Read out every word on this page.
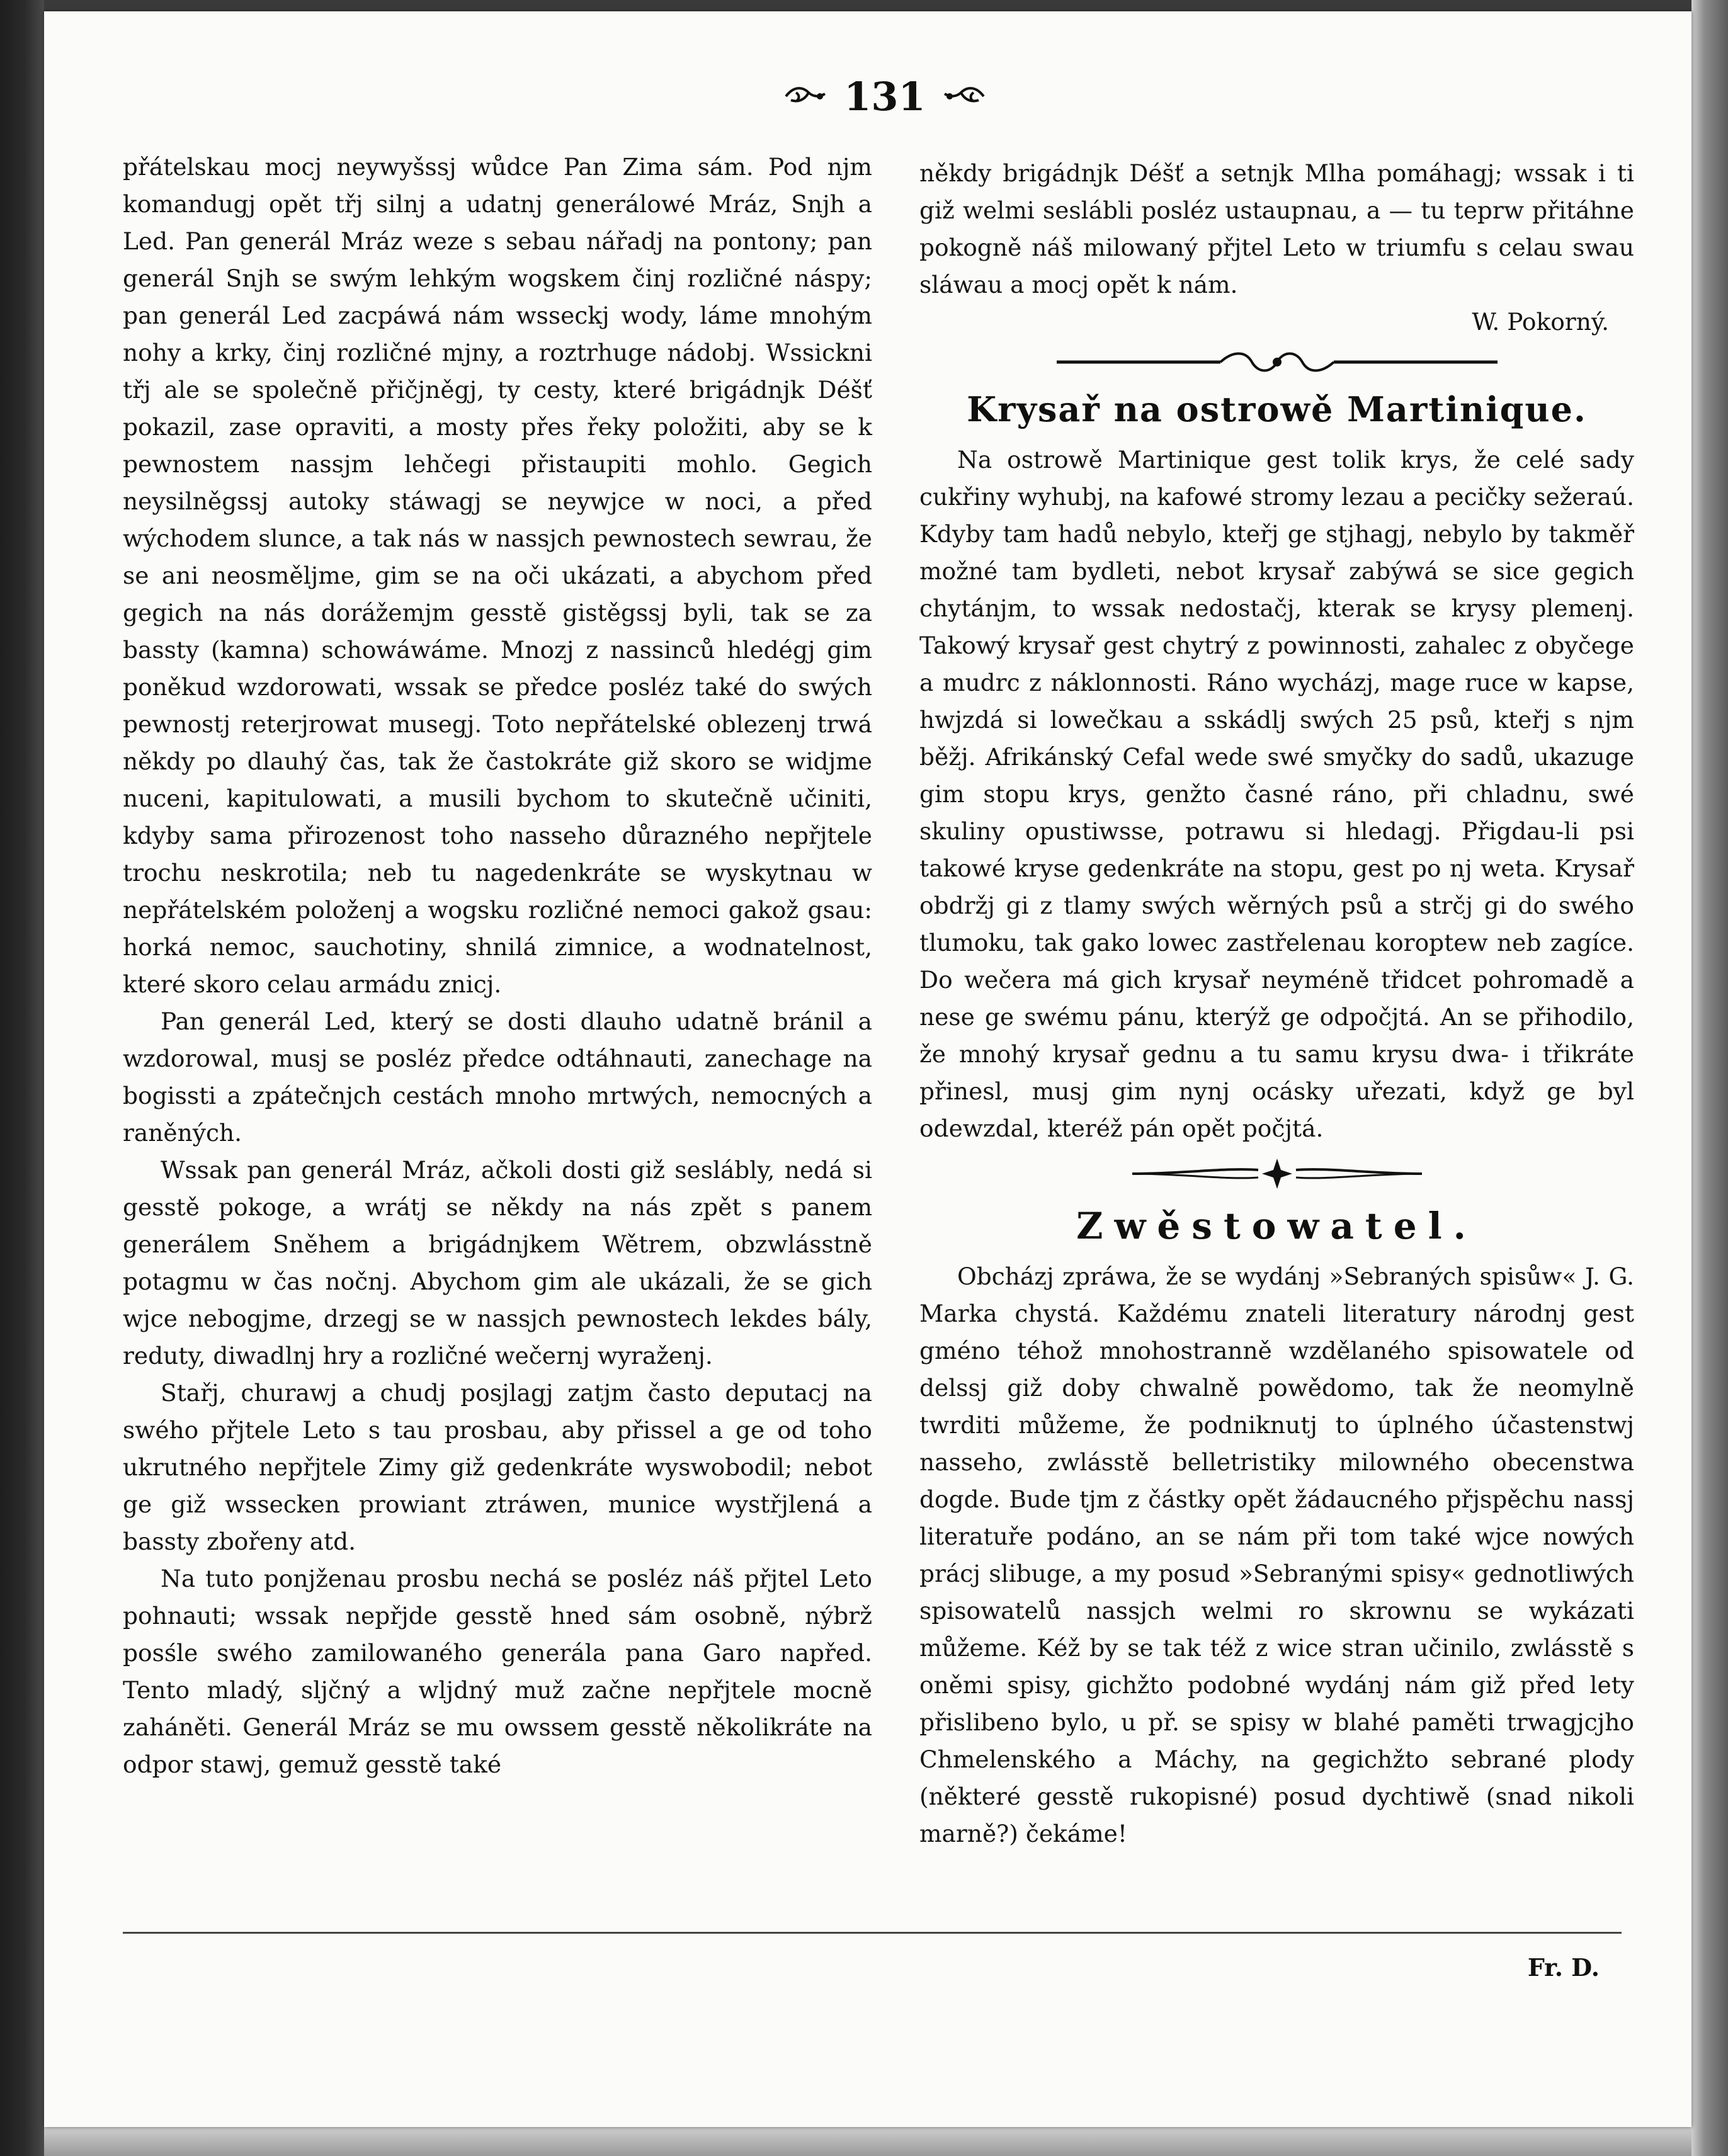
131

přátelskau mocj neywyšssj wůdce Pan Zima sám. Pod njm komandugj opět třj silnj a udatnj generálowé Mráz, Snjh a Led. Pan generál Mráz weze s sebau nářadj na pontony; pan generál Snjh se swým lehkým wogskem činj rozličné náspy; pan generál Led zacpáwá nám wsseckj wody, láme mnohým nohy a krky, činj rozličné mjny, a roztrhuge nádobj. Wssickni třj ale se společně přičjněgj, ty cesty, které brigádnjk Déšť pokazil, zase opraviti, a mosty přes řeky položiti, aby se k pewnostem nassjm lehčegi přistaupiti mohlo. Gegich neysilněgssj autoky stáwagj se neywjce w noci, a před wýchodem slunce, a tak nás w nassjch pewnostech sewrau, že se ani neosměljme, gim se na oči ukázati, a abychom před gegich na nás dorážemjm gesstě gistěgssj byli, tak se za bassty (kamna) schowáwáme. Mnozj z nassinců hledégj gim poněkud wzdorowati, wssak se předce posléz také do swých pewnostj reterjrowat musegj. Toto nepřátelské oblezenj trwá někdy po dlauhý čas, tak že častokráte giž skoro se widjme nuceni, kapitulowati, a musili bychom to skutečně učiniti, kdyby sama přirozenost toho nasseho důrazného nepřjtele trochu neskrotila; neb tu nagedenkráte se wyskytnau w nepřátelském položenj a wogsku rozličné nemoci gakož gsau: horká nemoc, sauchotiny, shnilá zimnice, a wodnatelnost, které skoro celau armádu znicj.

Pan generál Led, který se dosti dlauho udatně bránil a wzdorowal, musj se posléz předce odtáhnauti, zanechage na bogissti a zpátečnjch cestách mnoho mrtwých, nemocných a raněných.

Wssak pan generál Mráz, ačkoli dosti giž seslábly, nedá si gesstě pokoge, a wrátj se někdy na nás zpět s panem generálem Sněhem a brigádnjkem Wětrem, obzwlásstně potagmu w čas nočnj. Abychom gim ale ukázali, že se gich wjce nebogjme, drzegj se w nassjch pewnostech lekdes bály, reduty, diwadlnj hry a rozličné wečernj wyraženj.

Stařj, churawj a chudj posjlagj zatjm často deputacj na swého přjtele Leto s tau prosbau, aby přissel a ge od toho ukrutného nepřjtele Zimy giž gedenkráte wyswobodil; nebot ge giž wssecken prowiant ztráwen, munice wystřjlená a bassty zbořeny atd.

Na tuto ponjženau prosbu nechá se posléz náš přjtel Leto pohnauti; wssak nepřjde gesstě hned sám osobně, nýbrž posśle swého zamilowaného generála pana Garo napřed. Tento mladý, sljčný a wljdný muž začne nepřjtele mocně zaháněti. Generál Mráz se mu owssem gesstě několikráte na odpor stawj, gemuž gesstě také

někdy brigádnjk Déšť a setnjk Mlha pomáhagj; wssak i ti giž welmi seslábli posléz ustaupnau, a — tu teprw přitáhne pokogně náš milowaný přjtel Leto w triumfu s celau swau sláwau a mocj opět k nám.

W. Pokorný.

Krysař na ostrowě Martinique.

Na ostrowě Martinique gest tolik krys, že celé sady cukřiny wyhubj, na kafowé stromy lezau a pecičky sežeraú. Kdyby tam hadů nebylo, kteřj ge stjhagj, nebylo by takměř možné tam bydleti, nebot krysař zabýwá se sice gegich chytánjm, to wssak nedostačj, kterak se krysy plemenj. Takowý krysař gest chytrý z powinnosti, zahalec z obyčege a mudrc z náklonnosti. Ráno wycházj, mage ruce w kapse, hwjzdá si lowečkau a sskádlj swých 25 psů, kteřj s njm běžj. Afrikánský Cefal wede swé smyčky do sadů, ukazuge gim stopu krys, genžto časné ráno, při chladnu, swé skuliny opustiwsse, potrawu si hledagj. Přigdau-li psi takowé kryse gedenkráte na stopu, gest po nj weta. Krysař obdržj gi z tlamy swých wěrných psů a strčj gi do swého tlumoku, tak gako lowec zastřelenau koroptew neb zagíce. Do wečera má gich krysař neyméně třidcet pohromadě a nese ge swému pánu, kterýž ge odpočjtá. An se přihodilo, že mnohý krysař gednu a tu samu krysu dwa- i třikráte přinesl, musj gim nynj ocásky uřezati, když ge byl odewzdal, kteréž pán opět počjtá.

Zwěstowatel.

Obcházj zpráwa, že se wydánj »Sebraných spisůw« J. G. Marka chystá. Každému znateli literatury národnj gest gméno téhož mnohostranně wzdělaného spisowatele od delssj giž doby chwalně powědomo, tak že neomylně twrditi můžeme, že podniknutj to úplného účastenstwj nasseho, zwlásstě belletristiky milowného obecenstwa dogde. Bude tjm z částky opět žádaucného přjspěchu nassj literatuře podáno, an se nám při tom také wjce nowých prácj slibuge, a my posud »Sebranými spisy« gednotliwých spisowatelů nassjch welmi ro skrownu se wykázati můžeme. Kéž by se tak též z wice stran učinilo, zwlásstě s oněmi spisy, gichžto podobné wydánj nám giž před lety přislibeno bylo, u př. se spisy w blahé paměti trwagjcjho Chmelenského a Máchy, na gegichžto sebrané plody (některé gesstě rukopisné) posud dychtiwě (snad nikoli marně?) čekáme!

Fr. D.
